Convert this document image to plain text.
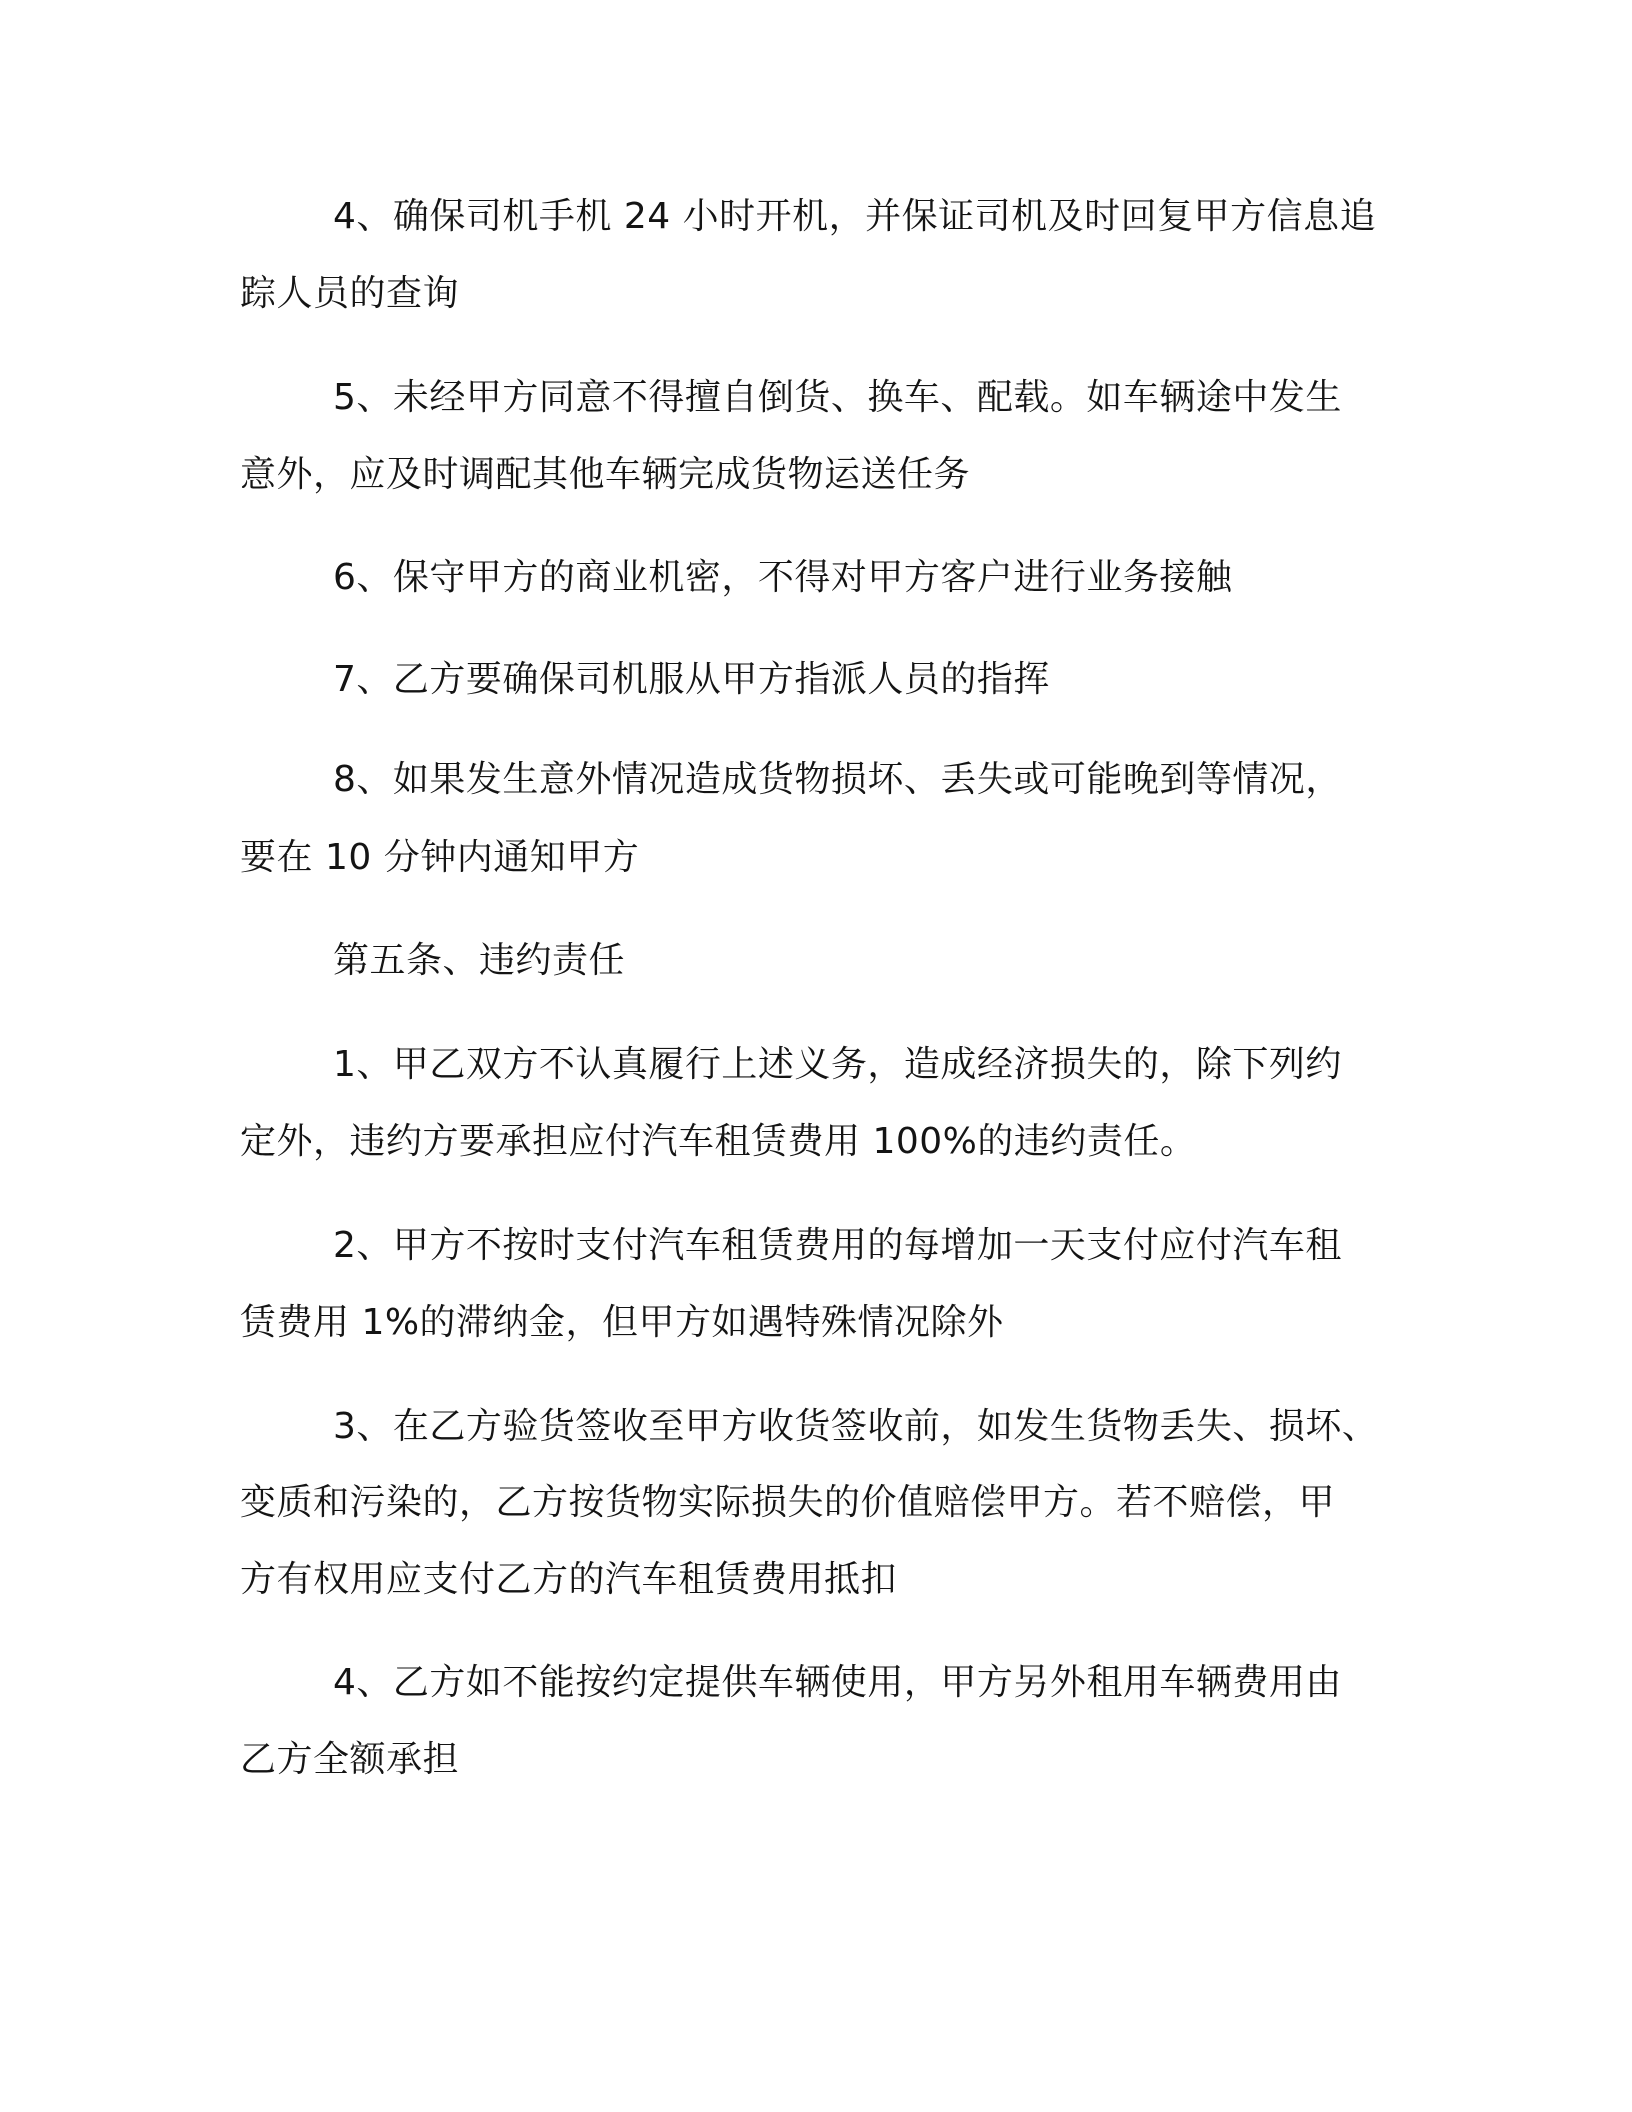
4、确保司机手机 24 小时开机，并保证司机及时回复甲方信息追

踪人员的查询

5、未经甲方同意不得擅自倒货、换车、配载。如车辆途中发生

意外，应及时调配其他车辆完成货物运送任务

6、保守甲方的商业机密，不得对甲方客户进行业务接触

7、乙方要确保司机服从甲方指派人员的指挥

8、如果发生意外情况造成货物损坏、丢失或可能晚到等情况，

要在 10 分钟内通知甲方

第五条、违约责任

1、甲乙双方不认真履行上述义务，造成经济损失的，除下列约

定外，违约方要承担应付汽车租赁费用 100%的违约责任。

2、甲方不按时支付汽车租赁费用的每增加一天支付应付汽车租

赁费用 1%的滞纳金，但甲方如遇特殊情况除外

3、在乙方验货签收至甲方收货签收前，如发生货物丢失、损坏、

变质和污染的，乙方按货物实际损失的价值赔偿甲方。若不赔偿，甲

方有权用应支付乙方的汽车租赁费用抵扣

4、乙方如不能按约定提供车辆使用，甲方另外租用车辆费用由

乙方全额承担
